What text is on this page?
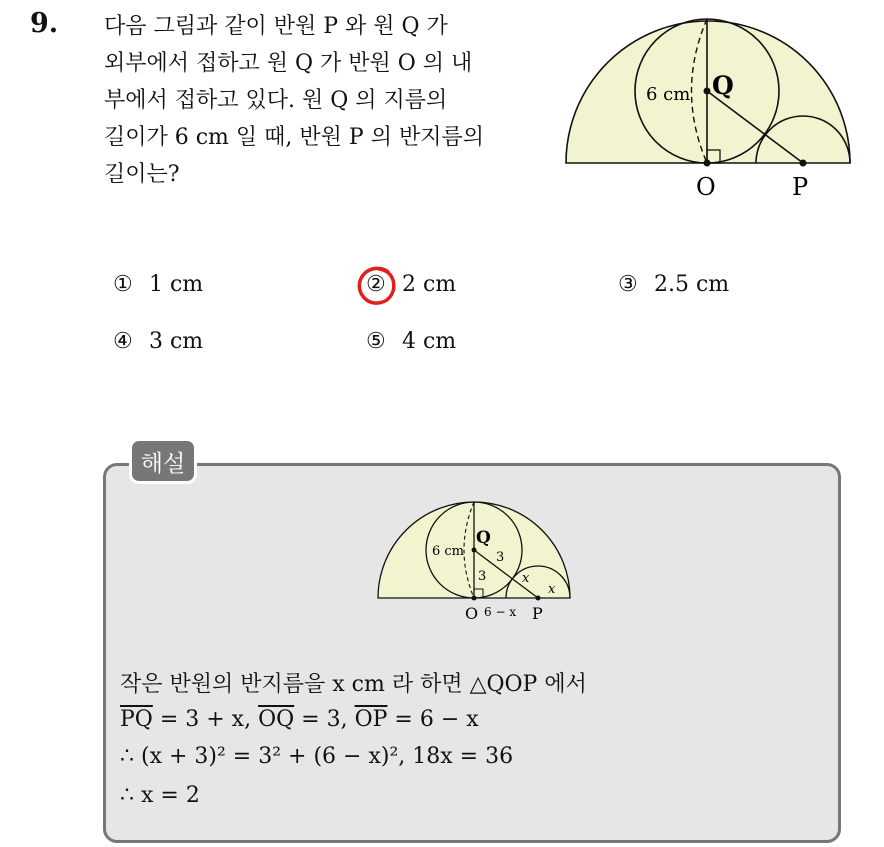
9. 다음 그림과 같이 반원 P 와 원 Q 가
외부에서 접하고 원 Q 가 반원 O 의 내
부에서 접하고 있다. 원 Q 의 지름의
길이가 6 cm 일 때, 반원 P 의 반지름의
길이는?

6 cm Q
O	P
① 1 cm	② 2 cm	③ 2.5 cm
④ 3 cm	⑤ 4 cm
해설
6 cm
Q
3
3	x
x
O 6 − x P
작은 반원의 반지름을 x cm 라 하면 △QOP 에서
$\overline{PQ} = 3 + x$, $\overline{OQ} = 3$, $\overline{OP} = 6 - x$
∴ (x + 3)² = 3² + (6 − x)², 18x = 36
∴ x = 2
